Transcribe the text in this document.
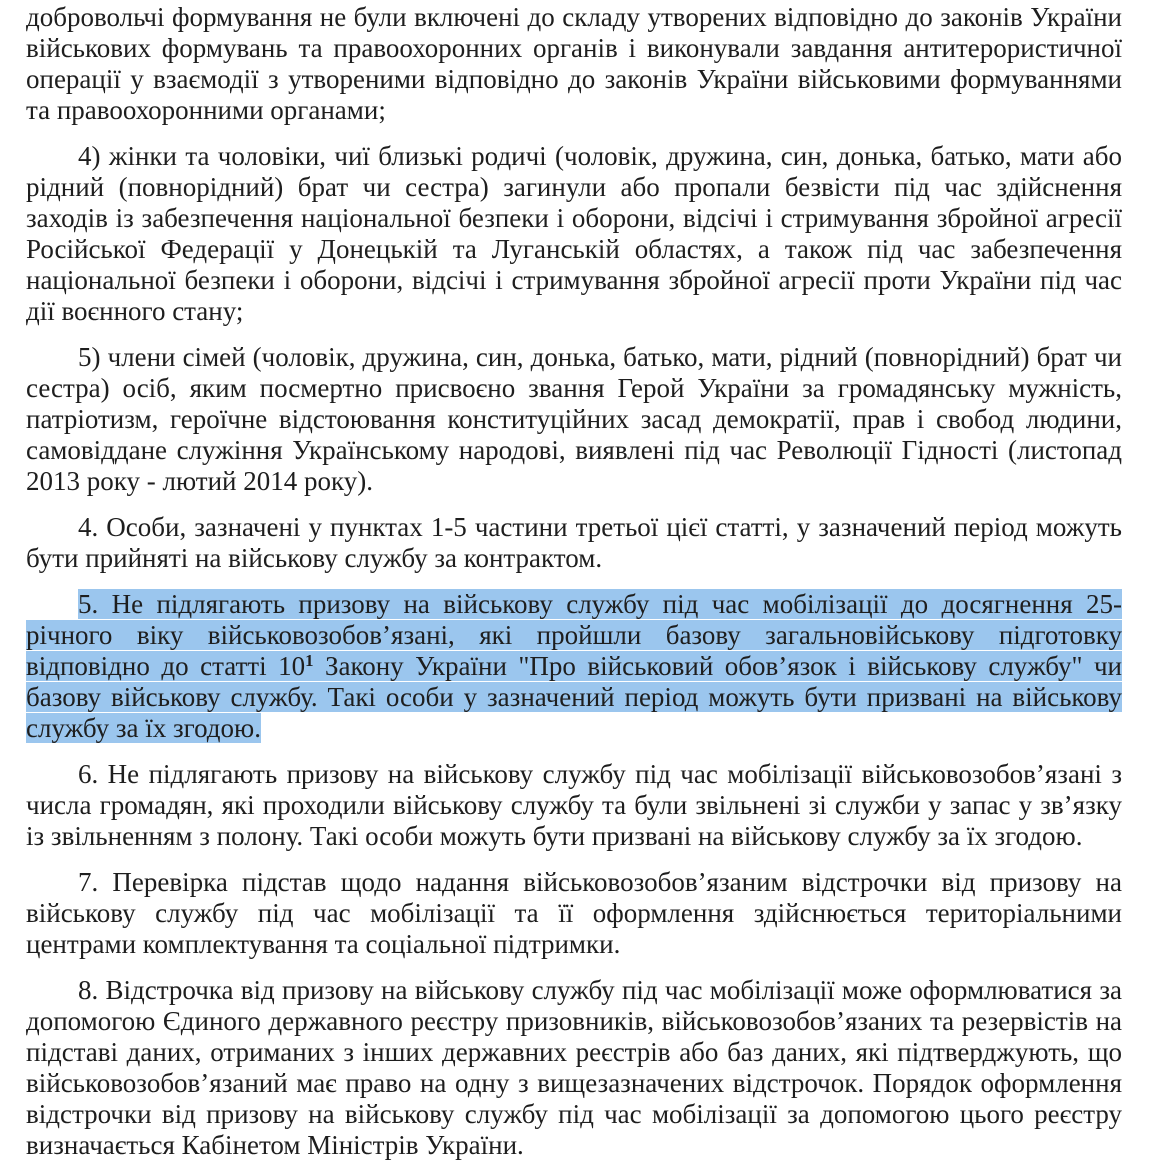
добровольчі формування не були включені до складу утворених відповідно до законів України військових формувань та правоохоронних органів і виконували завдання антитерористичної операції у взаємодії з утвореними відповідно до законів України військовими формуваннями та правоохоронними органами;

4) жінки та чоловіки, чиї близькі родичі (чоловік, дружина, син, донька, батько, мати або рідний (повнорідний) брат чи сестра) загинули або пропали безвісти під час здійснення заходів із забезпечення національної безпеки і оборони, відсічі і стримування збройної агресії Російської Федерації у Донецькій та Луганській областях, а також під час забезпечення національної безпеки і оборони, відсічі і стримування збройної агресії проти України під час дії воєнного стану;

5) члени сімей (чоловік, дружина, син, донька, батько, мати, рідний (повнорідний) брат чи сестра) осіб, яким посмертно присвоєно звання Герой України за громадянську мужність, патріотизм, героїчне відстоювання конституційних засад демократії, прав і свобод людини, самовіддане служіння Українському народові, виявлені під час Революції Гідності (листопад 2013 року - лютий 2014 року).

4. Особи, зазначені у пунктах 1-5 частини третьої цієї статті, у зазначений період можуть бути прийняті на військову службу за контрактом.

5. Не підлягають призову на військову службу під час мобілізації до досягнення 25-річного віку військовозобов’язані, які пройшли базову загальновійськову підготовку відповідно до статті 10$^1$ Закону України "Про військовий обов’язок і військову службу" чи базову військову службу. Такі особи у зазначений період можуть бути призвані на військову службу за їх згодою.

6. Не підлягають призову на військову службу під час мобілізації військовозобов’язані з числа громадян, які проходили військову службу та були звільнені зі служби у запас у зв’язку із звільненням з полону. Такі особи можуть бути призвані на військову службу за їх згодою.

7. Перевірка підстав щодо надання військовозобов’язаним відстрочки від призову на військову службу під час мобілізації та її оформлення здійснюється територіальними центрами комплектування та соціальної підтримки.

8. Відстрочка від призову на військову службу під час мобілізації може оформлюватися за допомогою Єдиного державного реєстру призовників, військовозобов’язаних та резервістів на підставі даних, отриманих з інших державних реєстрів або баз даних, які підтверджують, що військовозобов’язаний має право на одну з вищезазначених відстрочок. Порядок оформлення відстрочки від призову на військову службу під час мобілізації за допомогою цього реєстру визначається Кабінетом Міністрів України.
